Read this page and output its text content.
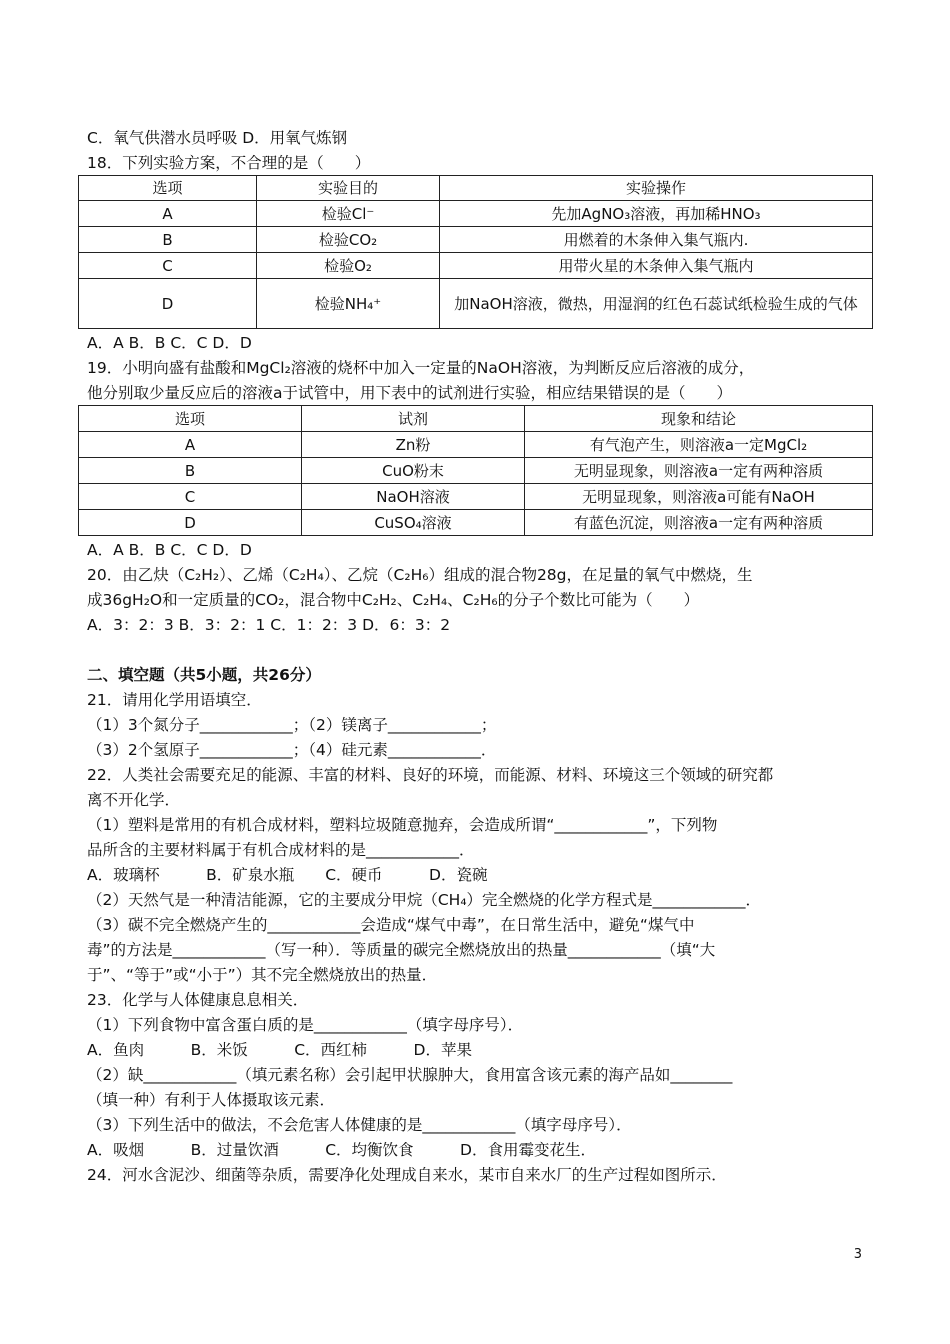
C．氧气供潜水员呼吸 D．用氧气炼钢
18．下列实验方案，不合理的是（　　）
选项	实验目的	实验操作
A	检验Cl⁻	先加AgNO₃溶液，再加稀HNO₃
B	检验CO₂	用燃着的木条伸入集气瓶内.
C	检验O₂	用带火星的木条伸入集气瓶内
D	检验NH₄⁺	加NaOH溶液，微热，用湿润的红色石蕊试纸检验生成的气体
A．A B．B C．C D．D
19．小明向盛有盐酸和MgCl₂溶液的烧杯中加入一定量的NaOH溶液，为判断反应后溶液的成分，
他分别取少量反应后的溶液a于试管中，用下表中的试剂进行实验，相应结果错误的是（　　）
选项	试剂	现象和结论
A	Zn粉	有气泡产生，则溶液a一定MgCl₂
B	CuO粉末	无明显现象，则溶液a一定有两种溶质
C	NaOH溶液	无明显现象，则溶液a可能有NaOH
D	CuSO₄溶液	有蓝色沉淀，则溶液a一定有两种溶质
A．A B．B C．C D．D
20．由乙炔（C₂H₂）、乙烯（C₂H₄）、乙烷（C₂H₆）组成的混合物28g，在足量的氧气中燃烧，生
成36gH₂O和一定质量的CO₂，混合物中C₂H₂、C₂H₄、C₂H₆的分子个数比可能为（　　）
A．3：2：3 B．3：2：1 C．1：2：3 D．6：3：2
二、填空题（共5小题，共26分）
21．请用化学用语填空．
（1）3个氮分子____________；（2）镁离子____________；
（3）2个氢原子____________；（4）硅元素____________．
22．人类社会需要充足的能源、丰富的材料、良好的环境，而能源、材料、环境这三个领域的研究都
离不开化学．
（1）塑料是常用的有机合成材料，塑料垃圾随意抛弃，会造成所谓“____________”，下列物
品所含的主要材料属于有机合成材料的是____________．
A．玻璃杯　　　B．矿泉水瓶　　C．硬币　　　D．瓷碗
（2）天然气是一种清洁能源，它的主要成分甲烷（CH₄）完全燃烧的化学方程式是____________．
（3）碳不完全燃烧产生的____________会造成“煤气中毒”，在日常生活中，避免“煤气中
毒”的方法是____________（写一种）．等质量的碳完全燃烧放出的热量____________（填“大
于”、“等于”或“小于”）其不完全燃烧放出的热量．
23．化学与人体健康息息相关．
（1）下列食物中富含蛋白质的是____________（填字母序号）．
A．鱼肉　　　B．米饭　　　C．西红柿　　　D．苹果
（2）缺____________（填元素名称）会引起甲状腺肿大，食用富含该元素的海产品如________
（填一种）有利于人体摄取该元素．
（3）下列生活中的做法，不会危害人体健康的是____________（填字母序号）．
A．吸烟　　　B．过量饮酒　　　C．均衡饮食　　　D．食用霉变花生．
24．河水含泥沙、细菌等杂质，需要净化处理成自来水，某市自来水厂的生产过程如图所示．
3
